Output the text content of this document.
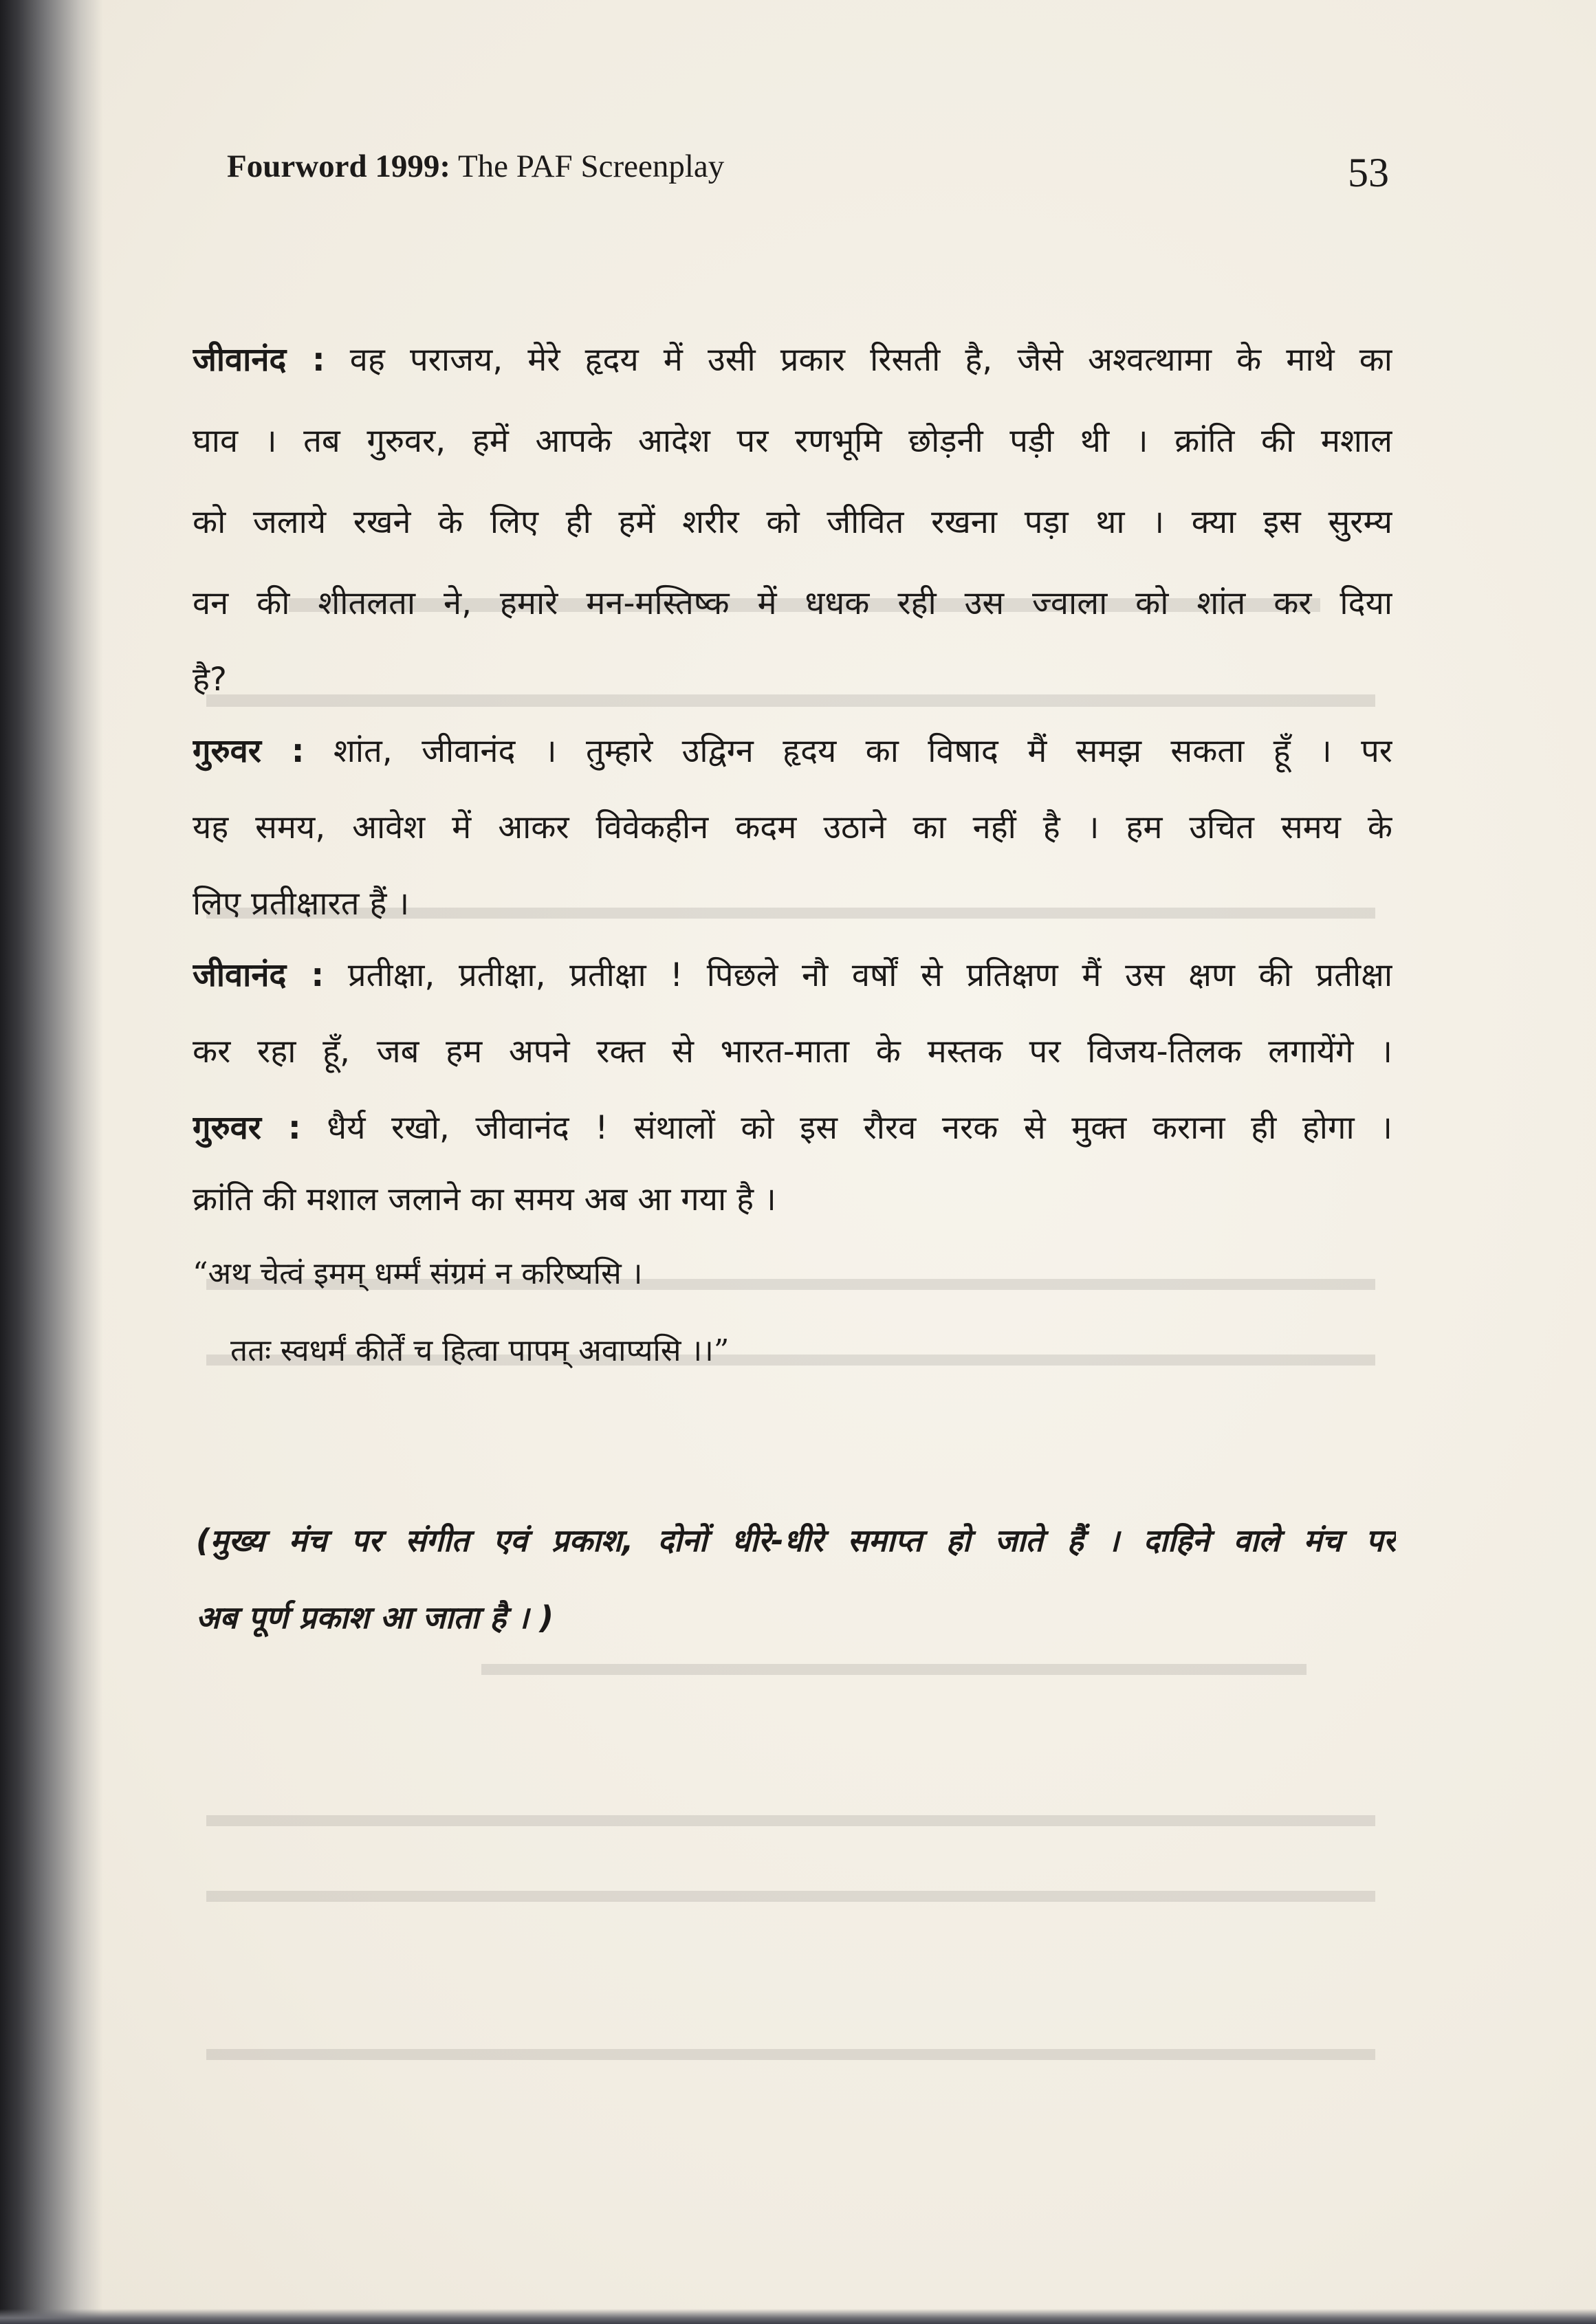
Fourword 1999: The PAF Screenplay	53
जीवानंद : वह पराजय, मेरे हृदय में उसी प्रकार रिसती है, जैसे अश्वत्थामा के माथे का
घाव । तब गुरुवर, हमें आपके आदेश पर रणभूमि छोड़नी पड़ी थी । क्रांति की मशाल
को जलाये रखने के लिए ही हमें शरीर को जीवित रखना पड़ा था । क्या इस सुरम्य
वन की शीतलता ने, हमारे मन-मस्तिष्क में धधक रही उस ज्वाला को शांत कर दिया
है?
गुरुवर : शांत, जीवानंद । तुम्हारे उद्विग्न हृदय का विषाद मैं समझ सकता हूँ । पर
यह समय, आवेश में आकर विवेकहीन कदम उठाने का नहीं है । हम उचित समय के
लिए प्रतीक्षारत हैं ।
जीवानंद : प्रतीक्षा, प्रतीक्षा, प्रतीक्षा ! पिछले नौ वर्षों से प्रतिक्षण मैं उस क्षण की प्रतीक्षा
कर रहा हूँ, जब हम अपने रक्त से भारत-माता के मस्तक पर विजय-तिलक लगायेंगे ।
गुरुवर : धैर्य रखो, जीवानंद ! संथालों को इस रौरव नरक से मुक्त कराना ही होगा ।
क्रांति की मशाल जलाने का समय अब आ गया है ।
“अथ चेत्वं इमम् धर्म्मं संग्रमं न करिष्यसि ।
ततः स्वधर्मं कीर्तें च हित्वा पापम् अवाप्यसि ।।”
(मुख्य मंच पर संगीत एवं प्रकाश, दोनों धीरे-धीरे समाप्त हो जाते हैं । दाहिने वाले मंच पर
अब पूर्ण प्रकाश आ जाता है । )
